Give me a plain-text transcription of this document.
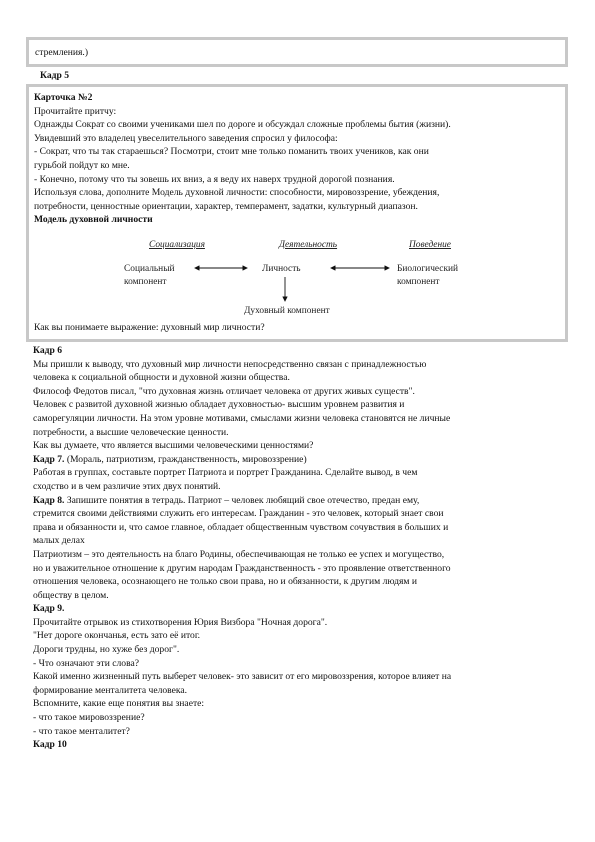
стремления.)
Кадр 5
Карточка №2
Прочитайте притчу:
Однажды Сократ со своими учениками шел по дороге и обсуждал сложные проблемы бытия (жизни).
Увидевший это владелец увеселительного заведения спросил у философа:
- Сократ, что ты так стараешься? Посмотри, стоит мне только поманить твоих учеников, как они
гурьбой пойдут ко мне.
- Конечно, потому что ты зовешь их вниз, а я веду их наверх трудной дорогой познания.
Используя слова, дополните Модель духовной личности: способности, мировоззрение, убеждения,
потребности, ценностные ориентации, характер, темперамент, задатки, культурный диапазон.
Модель духовной личности
Социализация	Деятельность	Поведение
Социальный
компонент
Личность	Биологический
компонент
Духовный компонент
Как вы понимаете выражение: духовный мир личности?
Кадр 6
Мы пришли к выводу, что духовный мир личности непосредственно связан с принадлежностью
человека к социальной общности и духовной жизни общества.
Философ Федотов писал, "что духовная жизнь отличает человека от других живых существ".
Человек с развитой духовной жизнью обладает духовностью- высшим уровнем развития и
саморегуляции личности. На этом уровне мотивами, смыслами жизни человека становятся не личные
потребности, а высшие человеческие ценности.
Как вы думаете, что является высшими человеческими ценностями?
Кадр 7. (Мораль, патриотизм, гражданственность, мировоззрение)
Работая в группах, составьте портрет Патриота и портрет Гражданина. Сделайте вывод, в чем
сходство и в чем различие этих двух понятий.
Кадр 8. Запишите понятия в тетрадь. Патриот – человек любящий свое отечество, предан ему,
стремится своими действиями служить его интересам. Гражданин - это человек, который знает свои
права и обязанности и, что самое главное, обладает общественным чувством сочувствия в больших и
малых делах
Патриотизм – это деятельность на благо Родины, обеспечивающая не только ее успех и могущество,
но и уважительное отношение к другим народам Гражданственность - это проявление ответственного
отношения человека, осознающего не только свои права, но и обязанности, к другим людям и
обществу в целом.
Кадр 9.
Прочитайте отрывок из стихотворения Юрия Визбора "Ночная дорога".
"Нет дороге окончанья, есть зато её итог.
Дороги трудны, но хуже без дорог".
- Что означают эти слова?
Какой именно жизненный путь выберет человек- это зависит от его мировоззрения, которое влияет на
формирование менталитета человека.
Вспомните, какие еще понятия вы знаете:
- что такое мировоззрение?
- что такое менталитет?
Кадр 10
